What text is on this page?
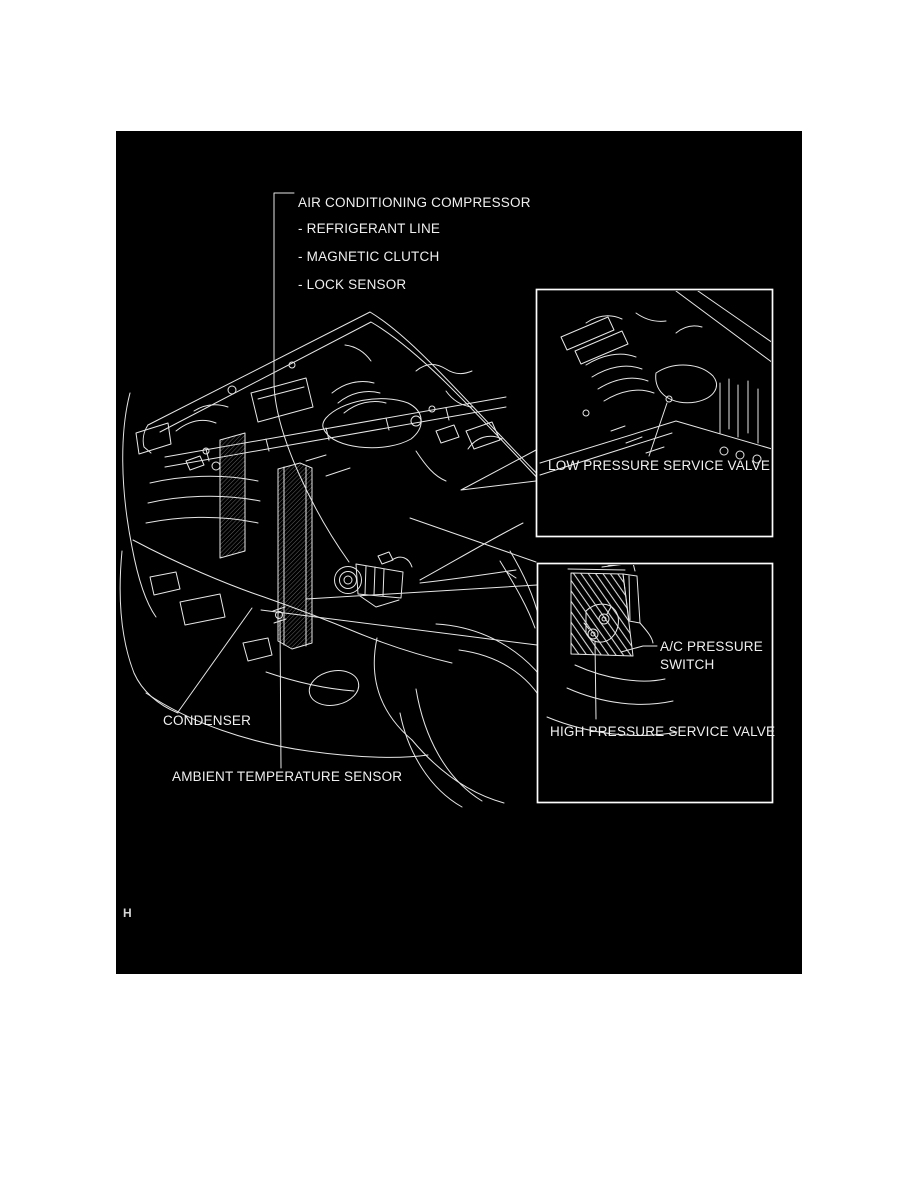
AIR CONDITIONING COMPRESSOR
- REFRIGERANT LINE
- MAGNETIC CLUTCH
- LOCK SENSOR
LOW PRESSURE SERVICE VALVE
A/C PRESSURE
SWITCH
HIGH PRESSURE SERVICE VALVE
CONDENSER
AMBIENT TEMPERATURE SENSOR
H
